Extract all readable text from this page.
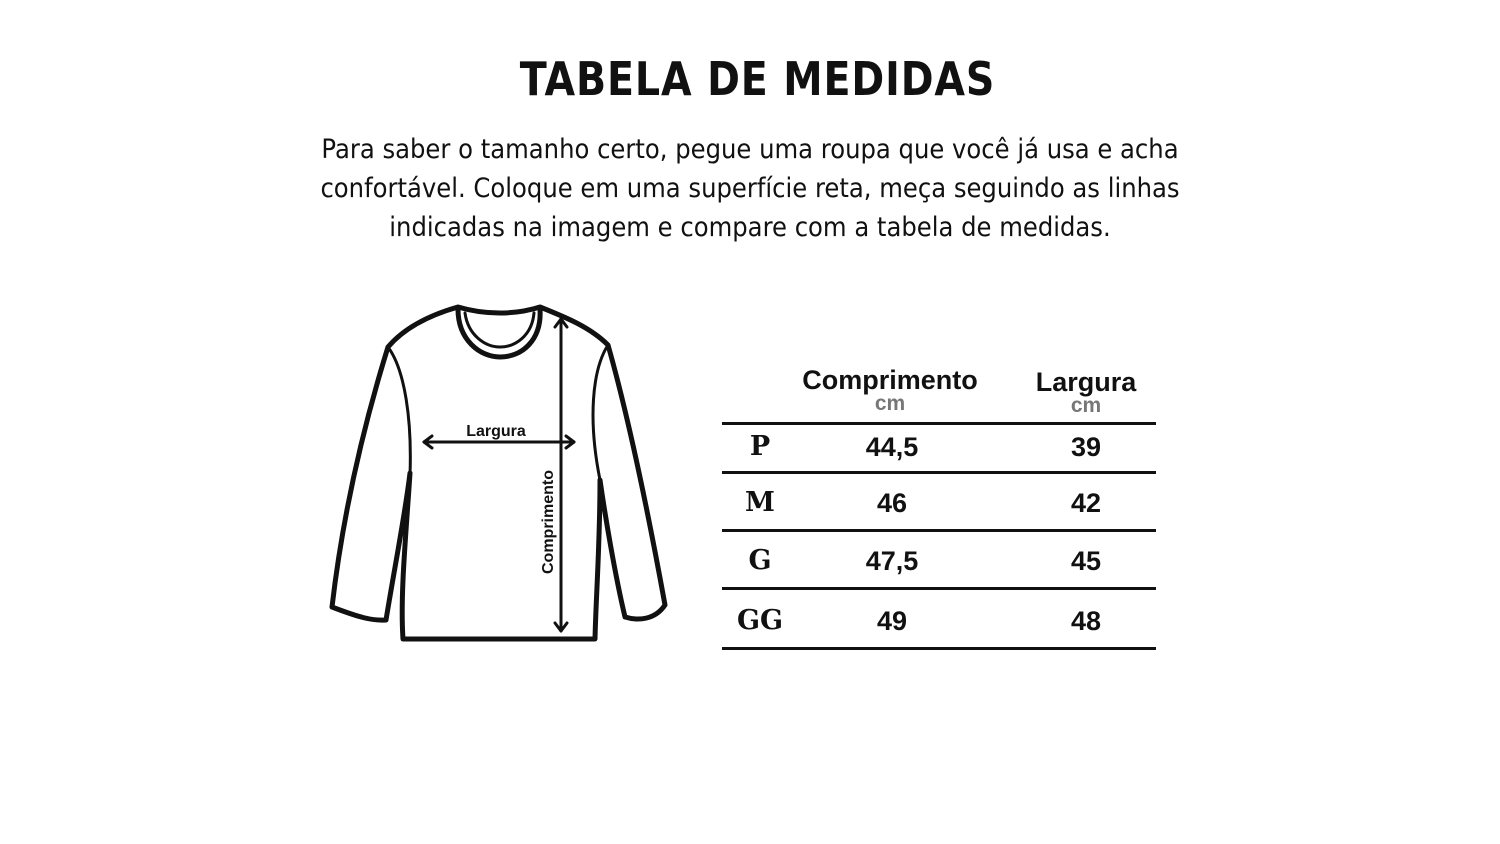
TABELA DE MEDIDAS
Para saber o tamanho certo, pegue uma roupa que você já usa e acha
confortável. Coloque em uma superfície reta, meça seguindo as linhas
indicadas na imagem e compare com a tabela de medidas.
Largura
Comprimento
Comprimento
cm
Largura
cm
P	44,5	39
M	46	42
G	47,5	45
GG	49	48
